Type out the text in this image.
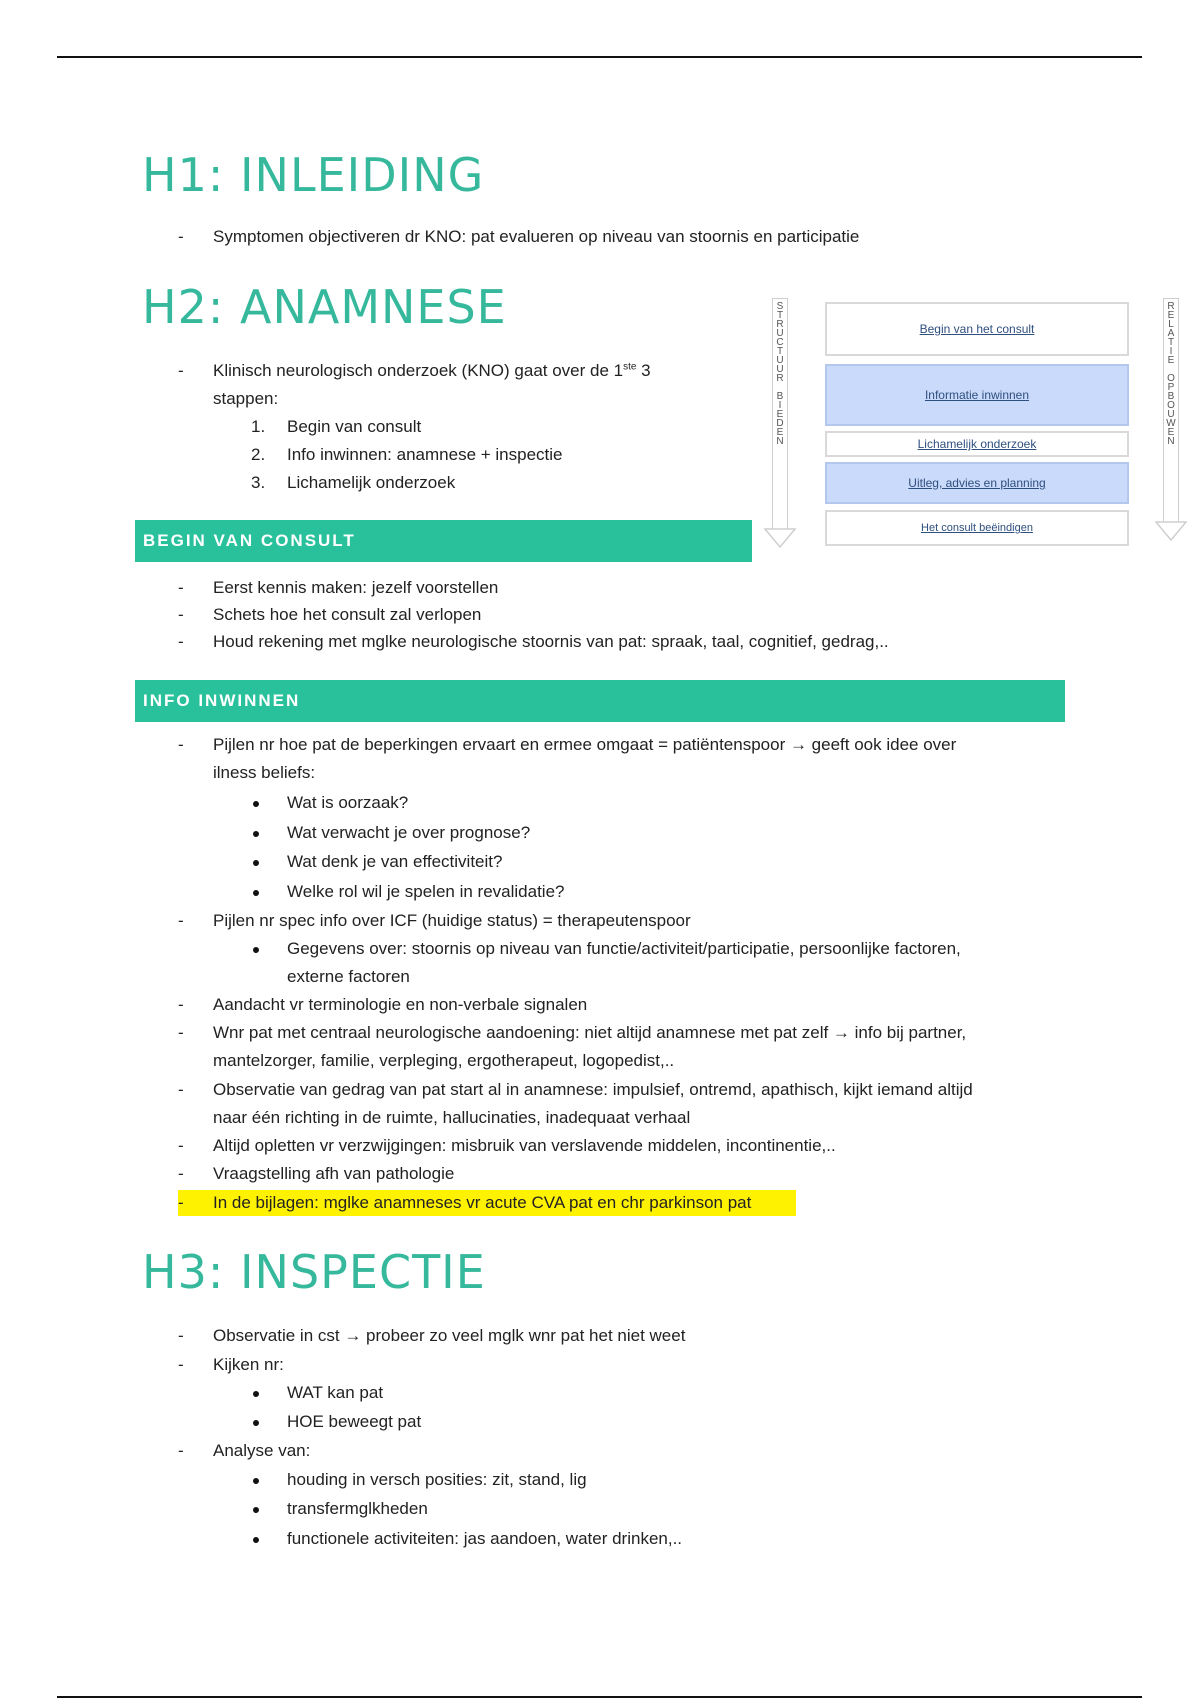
H1: INLEIDING
- Symptomen objectiveren dr KNO: pat evalueren op niveau van stoornis en participatie
H2: ANAMNESE
- Klinisch neurologisch onderzoek (KNO) gaat over de 1ste 3
stappen:
1. Begin van consult
2. Info inwinnen: anamnese + inspectie
3. Lichamelijk onderzoek
S
T
R
U
C
T
U
U
R

B
I
E
D
E
N
Begin van het consult
Informatie inwinnen
Lichamelijk onderzoek
Uitleg, advies en planning
Het consult beëindigen
R
E
L
A
T
I
E

O
P
B
O
U
W
E
N
BEGIN VAN CONSULT
- Eerst kennis maken: jezelf voorstellen
- Schets hoe het consult zal verlopen
- Houd rekening met mglke neurologische stoornis van pat: spraak, taal, cognitief, gedrag,..
INFO INWINNEN
- Pijlen nr hoe pat de beperkingen ervaart en ermee omgaat = patiëntenspoor → geeft ook idee over
ilness beliefs:
Wat is oorzaak?
Wat verwacht je over prognose?
Wat denk je van effectiviteit?
Welke rol wil je spelen in revalidatie?
- Pijlen nr spec info over ICF (huidige status) = therapeutenspoor
Gegevens over: stoornis op niveau van functie/activiteit/participatie, persoonlijke factoren,
externe factoren
- Aandacht vr terminologie en non-verbale signalen
- Wnr pat met centraal neurologische aandoening: niet altijd anamnese met pat zelf → info bij partner,
mantelzorger, familie, verpleging, ergotherapeut, logopedist,..
- Observatie van gedrag van pat start al in anamnese: impulsief, ontremd, apathisch, kijkt iemand altijd
naar één richting in de ruimte, hallucinaties, inadequaat verhaal
- Altijd opletten vr verzwijgingen: misbruik van verslavende middelen, incontinentie,..
- Vraagstelling afh van pathologie
- In de bijlagen: mglke anamneses vr acute CVA pat en chr parkinson pat
H3: INSPECTIE
- Observatie in cst → probeer zo veel mglk wnr pat het niet weet
- Kijken nr:
WAT kan pat
HOE beweegt pat
- Analyse van:
houding in versch posities: zit, stand, lig
transfermglkheden
functionele activiteiten: jas aandoen, water drinken,..
